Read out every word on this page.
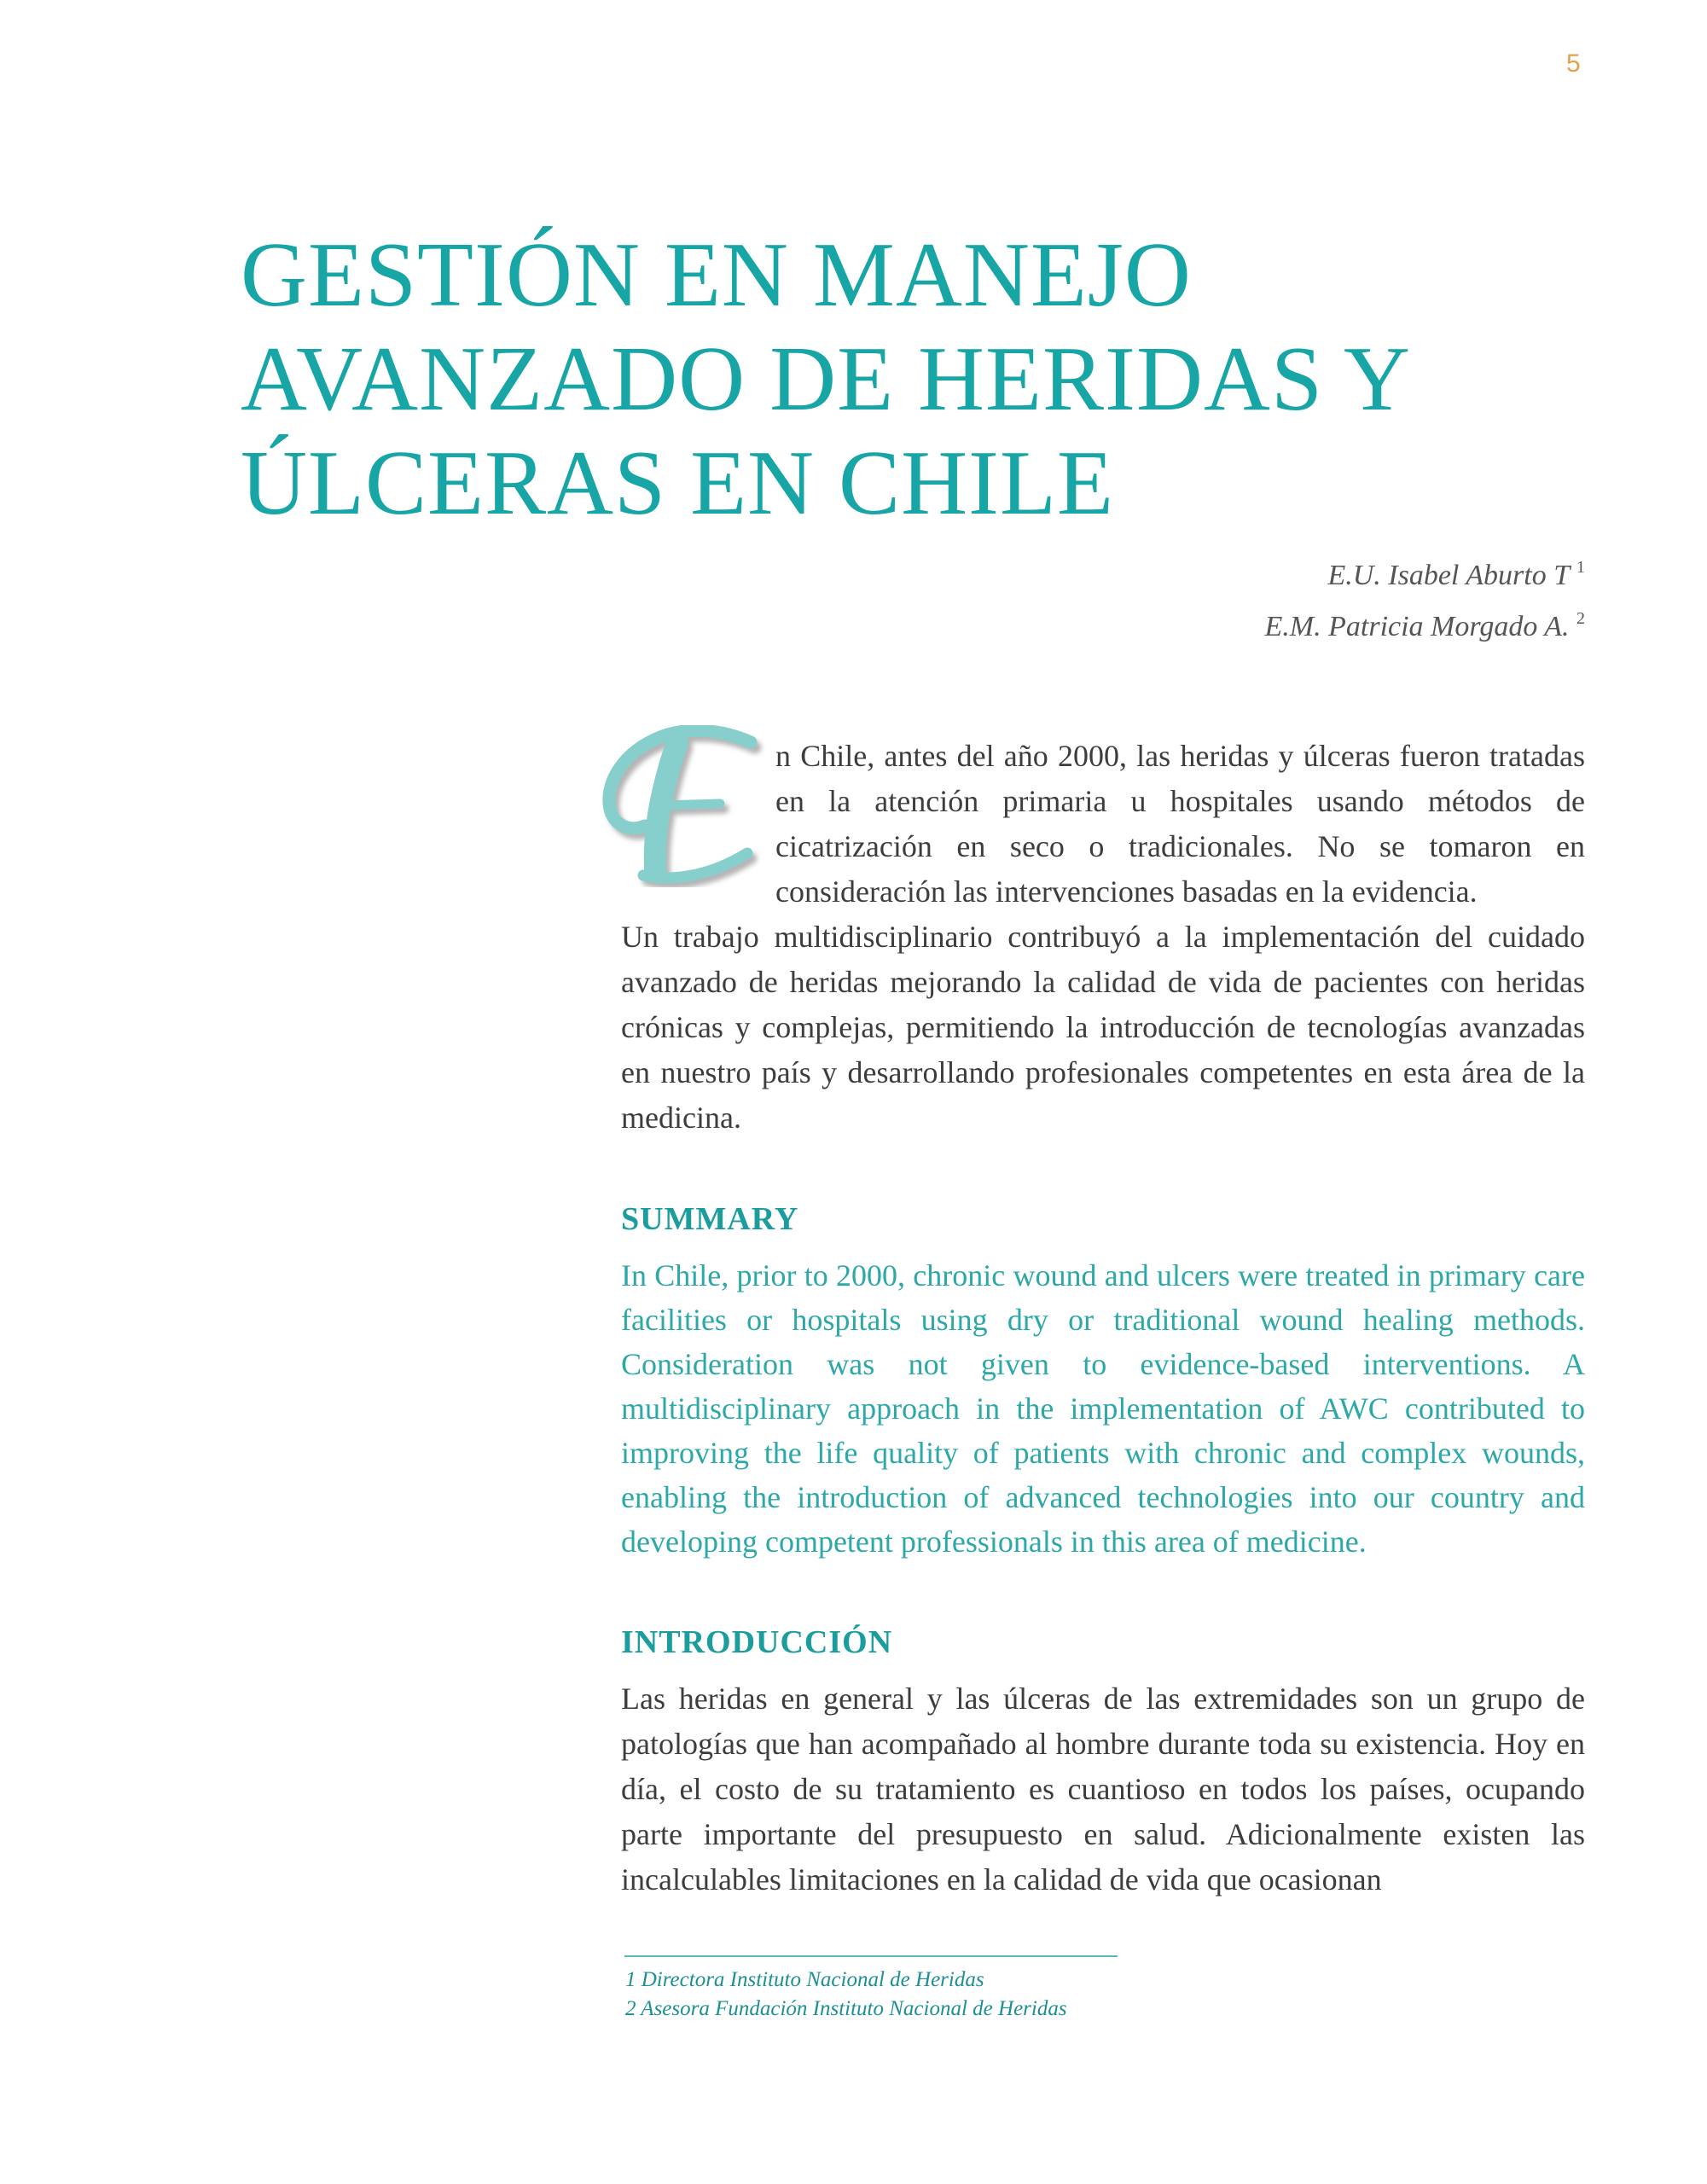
5
GESTIÓN EN MANEJO
AVANZADO DE HERIDAS Y
ÚLCERAS EN CHILE
E.U. Isabel Aburto T $^1$
E.M. Patricia Morgado A. $^2$

E
n Chile, antes del año 2000, las heridas y úlceras fueron tratadas en la atención primaria u hospitales usando métodos de cicatrización en seco o tradicionales. No se tomaron en consideración las intervenciones basadas en la evidencia.

Un trabajo multidisciplinario contribuyó a la implementación del cuidado avanzado de heridas mejorando la calidad de vida de pacientes con heridas crónicas y complejas, permitiendo la introducción de tecnologías avanzadas en nuestro país y desarrollando profesionales competentes en esta área de la medicina.

SUMMARY

In Chile, prior to 2000, chronic wound and ulcers were treated in primary care facilities or hospitals using dry or traditional wound healing methods. Consideration was not given to evidence-based interventions. A multidisciplinary approach in the implementation of AWC contributed to improving the life quality of patients with chronic and complex wounds, enabling the introduction of advanced technologies into our country and developing competent professionals in this area of medicine.

INTRODUCCIÓN

Las heridas en general y las úlceras de las extremidades son un grupo de patologías que han acompañado al hombre durante toda su existencia. Hoy en día, el costo de su tratamiento es cuantioso en todos los países, ocupando parte importante del presupuesto en salud. Adicionalmente existen las incalculables limitaciones en la calidad de vida que ocasionan

1 Directora Instituto Nacional de Heridas
2 Asesora Fundación Instituto Nacional de Heridas
